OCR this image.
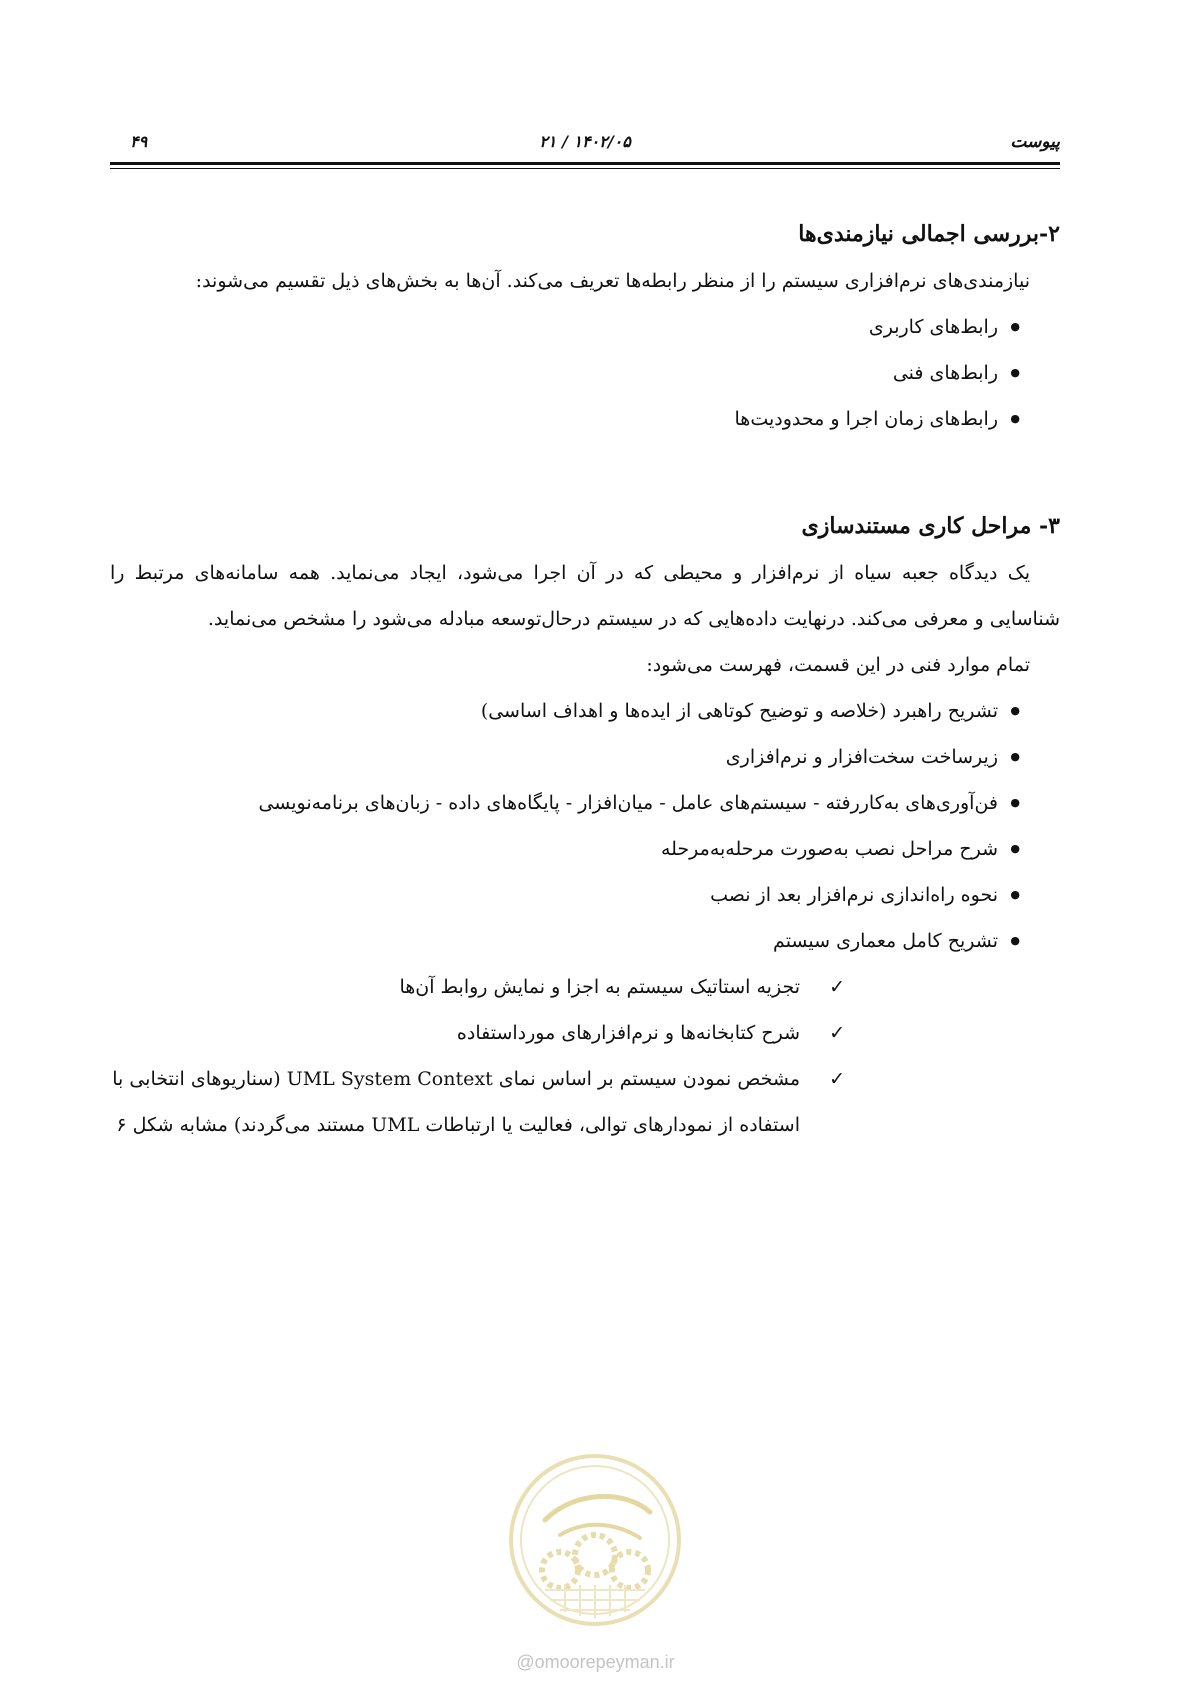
پیوست
۱۴۰۲/۰۵ / ۲۱
۴۹
۲-بررسی اجمالی نیازمندی‌ها

نیازمندی‌های نرم‌افزاری سیستم را از منظر رابطه‌ها تعریف می‌کند. آن‌ها به بخش‌های ذیل تقسیم می‌شوند:

● رابط‌های کاربری
● رابط‌های فنی
● رابط‌های زمان اجرا و محدودیت‌ها
۳- مراحل کاری مستندسازی

یک دیدگاه جعبه سیاه از نرم‌افزار و محیطی که در آن اجرا می‌شود، ایجاد می‌نماید. همه سامانه‌های مرتبط را شناسایی و معرفی می‌کند. درنهایت داده‌هایی که در سیستم درحال‌توسعه مبادله می‌شود را مشخص می‌نماید.

تمام موارد فنی در این قسمت، فهرست می‌شود:

● تشریح راهبرد (خلاصه و توضیح کوتاهی از ایده‌ها و اهداف اساسی)
● زیرساخت سخت‌افزار و نرم‌افزاری
● فن‌آوری‌های به‌کاررفته - سیستم‌های عامل - میان‌افزار - پایگاه‌های داده - زبان‌های برنامه‌نویسی
● شرح مراحل نصب به‌صورت مرحله‌به‌مرحله
● نحوه راه‌اندازی نرم‌افزار بعد از نصب
● تشریح کامل معماری سیستم
✓ تجزیه استاتیک سیستم به اجزا و نمایش روابط آن‌ها
✓ شرح کتابخانه‌ها و نرم‌افزارهای مورداستفاده
✓ مشخص نمودن سیستم بر اساس نمای UML System Context (سناریوهای انتخابی با استفاده از نمودارهای توالی، فعالیت یا ارتباطات UML مستند می‌گردند) مشابه شکل ۶
@omoorepeyman.ir
